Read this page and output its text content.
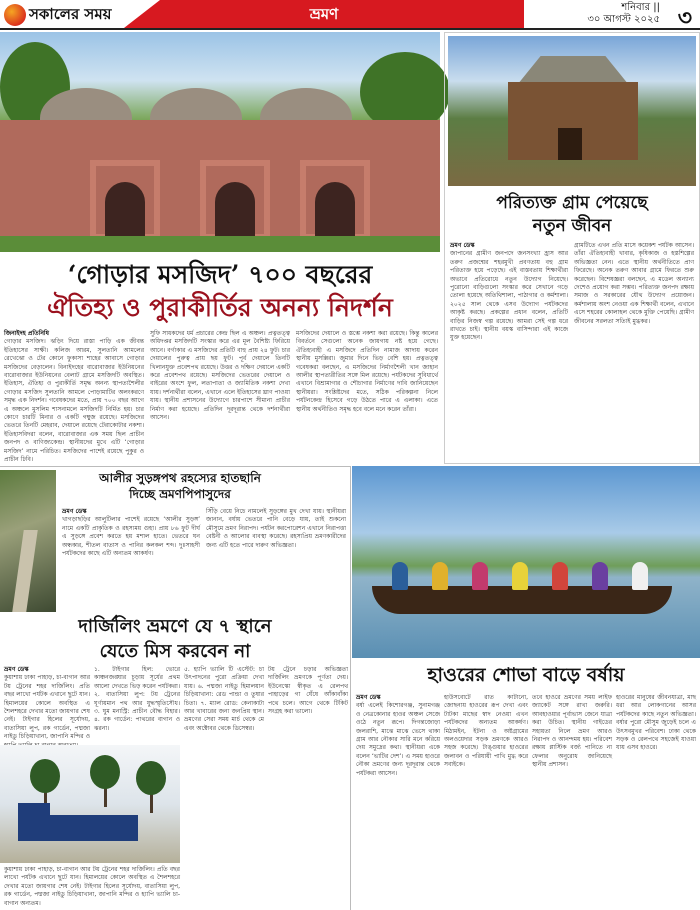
সকালের সময়	ভ্রমণ	শনিবার ||
৩০ আগস্ট ২০২৫ ৩
‘গোড়ার মসজিদ’ ৭০০ বছরের
ঐতিহ্য ও পুরাকীর্তির অনন্য নিদর্শন
জিনাইদহ প্রতিনিধি
গোড়ার মসজিদ। ঝড়িং দিয়ে রাস্তা পাড়ি এক জীবন্ত ইতিহাসের সাক্ষী। কলিজ আরম, সুলতানি আমলের রেখেঝো ও টের কোনে ফুকাসা শাহের আবাসে গোড়ার মসজিদের বেড়ালেন। বিনাইদহের বারোবাজার ইউনিয়নের বারোবাজার ইউনিয়নের বেলাট গ্রামে মসজিদটি অবস্থিত। ইতিহাস, ঐতিহ্য ও পুরাকীর্তি সমৃদ্ধ অনন্য স্থাপত্যশৈলীর গোড়ার মসজিদ সুলতানি আমলে পোড়ামাটির অলংকরণে সমৃদ্ধ এক নিদর্শন। গবেষকদের মতে, প্রায় ৭০০ বছর আগে এ অঞ্চলে মুসলিম শাসনামলে মসজিদটি নির্মিত হয়। চার কোণে চারটি মিনার ও একটি গম্বুজ রয়েছে। মসজিদের ভেতরে তিনটি মেহরাব, দেয়ালে রয়েছে টেরাকোটার নকশা। ইতিহাসবিদরা বলেন, বারোবাজার এক সময় ছিল প্রাচীন জনপদ ও বাণিজ্যকেন্দ্র। স্থানীয়দের মুখে এটি ‘গোড়ার মসজিদ’ নামে পরিচিত। মসজিদের পাশেই রয়েছে পুকুর ও প্রাচীন ঢিবি।
সুফি সাধকদের ধর্ম প্রচারের কেন্দ্র ছিল এ অঞ্চল। প্রত্নতত্ত্ব অধিদপ্তর মসজিদটি সংস্কার করে এর মূল বৈশিষ্ট্য ফিরিয়ে আনে। বর্গাকার এ মসজিদের প্রতিটি বাহু প্রায় ২৪ ফুট। চার দেয়ালের পুরুত্ব প্রায় ছয় ফুট। পূর্ব দেয়ালে তিনটি খিলানযুক্ত প্রবেশপথ রয়েছে। উত্তর ও দক্ষিণ দেয়ালে একটি করে প্রবেশপথ রয়েছে। মসজিদের ভেতরের দেয়ালে ও বাইরের অংশে ফুল, লতাপাতা ও জ্যামিতিক নকশা দেখা যায়। দর্শনার্থীরা বলেন, এখানে এলে ইতিহাসের ঘ্রাণ পাওয়া যায়। স্থানীয় প্রশাসনের উদ্যোগে চারপাশে সীমানা প্রাচীর নির্মাণ করা হয়েছে। প্রতিদিন দূরদূরান্ত থেকে দর্শনার্থীরা আসেন।
মসজিদের দেয়ালে ও স্তম্ভে নকশা করা রয়েছে। কিন্তু কালের বিবর্তনে সেগুলো অনেক জায়গায় নষ্ট হয়ে গেছে। ঐতিহ্যবাহী এ মসজিদে প্রতিদিন নামাজ আদায় করেন স্থানীয় মুসল্লিরা। জুমার দিনে ভিড় বেশি হয়। প্রত্নতত্ত্ব গবেষকরা বলছেন, এ মসজিদের নির্মাণশৈলী খান জাহান আলীর স্থাপত্যরীতির সঙ্গে মিল রয়েছে। পর্যটকদের সুবিধার্থে এখানে বিশ্রামাগার ও শৌচাগার নির্মাণের দাবি জানিয়েছেন স্থানীয়রা। সংশ্লিষ্টদের মতে, সঠিক পরিকল্পনা নিলে পর্যটনকেন্দ্র হিসেবে গড়ে উঠতে পারে এ এলাকা। এতে স্থানীয় অর্থনীতিও সমৃদ্ধ হবে বলে মনে করেন তাঁরা।
পরিত্যক্ত গ্রাম পেয়েছে
নতুন জীবন
ভ্রমণ ডেস্ক
জাপানের গ্রামীণ জনপদে জনসংখ্যা হ্রাস আর তরুণ প্রজন্মের শহরমুখী প্রবণতায় বহু গ্রাম পরিত্যক্ত হয়ে পড়েছে। এই বাস্তবতায় শিক্ষার্থীরা অভাবে প্রতিরোধে নতুন উদ্যোগ নিয়েছে। পুরোনো বাড়িগুলো সংস্কার করে সেখানে গড়ে তোলা হয়েছে অতিথিশালা, পাঠাগার ও কর্মশালা। ২০২৫ সাল থেকে এসব উদ্যোগ পর্যটকদের আকৃষ্ট করছে। প্রকল্পের প্রধান বলেন, প্রতিটি বাড়ির নিজস্ব গল্প রয়েছে। আমরা সেই গল্প ধরে রাখতে চাই। স্থানীয় বয়স্ক বাসিন্দারা এই কাজে যুক্ত হয়েছেন।
গ্রামটিতে এখন প্রতি মাসে কয়েকশ পর্যটক আসেন। তাঁরা ঐতিহ্যবাহী খাবার, কৃষিকাজ ও হস্তশিল্পের অভিজ্ঞতা নেন। এতে স্থানীয় অর্থনীতিতে প্রাণ ফিরেছে। অনেক তরুণ আবার গ্রামে ফিরতে শুরু করেছেন। বিশেষজ্ঞরা বলছেন, এ মডেল অন্যান্য দেশেও প্রয়োগ করা সম্ভব। পরিত্যক্ত জনপদ রক্ষায় সমাজ ও সরকারের যৌথ উদ্যোগ প্রয়োজন। কর্মশালায় অংশ নেওয়া এক শিক্ষার্থী বলেন, এখানে এসে শহরের কোলাহল থেকে মুক্তি পেয়েছি। গ্রামীণ জীবনের সরলতা সত্যিই মুগ্ধকর।
আলীর সুড়ঙ্গপথ রহস্যের হাতছানি
দিচ্ছে ভ্রমণপিপাসুদের
ভ্রমণ ডেস্ক
খাগড়াছড়ির আলুটিলার পাশেই রয়েছে ‘আলীর সুড়ঙ্গ’ নামে একটি প্রাকৃতিক ও রহস্যময় গুহা। প্রায় ৮৬ ফুট দীর্ঘ এ সুড়ঙ্গে প্রবেশ করতে হয় মশাল হাতে। ভেতরে ঘন অন্ধকার, শীতল বাতাস ও পানির কলকল শব্দ। দুঃসাহসী পর্যটকদের কাছে এটি অন্যতম আকর্ষণ।
সিঁড়ি বেয়ে নিচে নামলেই সুড়ঙ্গের মুখ দেখা যায়। স্থানীয়রা জানান, বর্ষায় ভেতরে পানি বেড়ে যায়, তাই শুকনো মৌসুমে ভ্রমণ নিরাপদ। পর্যটন করপোরেশন এখানে নিরাপত্তা বেষ্টনী ও আলোর ব্যবস্থা করেছে। রহস্যপ্রিয় ভ্রমণকারীদের জন্য এটি হতে পারে দারুণ অভিজ্ঞতা।
দার্জিলিং ভ্রমণে যে ৭ স্থানে
যেতে মিস করবেন না
ভ্রমণ ডেস্ক
কুয়াশায় ঢাকা পাহাড়, চা-বাগান আর টয় ট্রেনের শহর দার্জিলিং। প্রতি বছর লাখো পর্যটক এখানে ছুটে যান। হিমালয়ের কোলে অবস্থিত এ শৈলশহরে দেখার মতো জায়গার শেষ নেই। টাইগার হিলের সূর্যোদয়, বাতাসিয়া লুপ, রক গার্ডেন, পদ্মজা নাইডু চিড়িয়াখানা, জাপানি মন্দির ও
১. টাইগার হিল: ভোরে কাঞ্চনজঙ্ঘার চূড়ায় সূর্যের প্রথম আলো দেখতে ভিড় করেন পর্যটকরা। ২. বাতাসিয়া লুপ: টয় ট্রেনের ঘূর্ণায়মান পথ আর যুদ্ধস্মৃতিসৌধ। ৩. ঘুম মনাস্ট্রি: প্রাচীন বৌদ্ধ বিহার। ৪. রক গার্ডেন: পাথরের বাগান ও ঝরনা।
৫. হ্যাপি ভ্যালি টি এস্টেট: চা উৎপাদনের পুরো প্রক্রিয়া দেখা যায়। ৬. পদ্মজা নাইডু হিমালয়ান চিড়িয়াখানা: রেড পান্ডা ও তুষার চিতা। ৭. ম্যাল রোড: কেনাকাটা আর খাবারের জন্য জনপ্রিয় স্থান। ভ্রমণের সেরা সময় মার্চ থেকে মে এবং অক্টোবর থেকে ডিসেম্বর।
টয় ট্রেনে চড়ার অভিজ্ঞতা দার্জিলিং ভ্রমণকে পূর্ণতা দেয়। ইউনেস্কো স্বীকৃত এ রেলপথ পাহাড়ের গা ঘেঁষে আঁকাবাঁকা পথে চলে। আগে থেকে টিকিট সংগ্রহ করা ভালো।
কুয়াশায় ঢাকা পাহাড়, চা-বাগান আর টয় ট্রেনের শহর দার্জিলিং। প্রতি বছর লাখো পর্যটক এখানে ছুটে যান। হিমালয়ের কোলে অবস্থিত এ শৈলশহরে দেখার মতো জায়গার শেষ নেই। টাইগার হিলের সূর্যোদয়, বাতাসিয়া লুপ, রক গার্ডেন, পদ্মজা নাইডু চিড়িয়াখানা, জাপানি মন্দির ও হ্যাপি ভ্যালি চা-বাগান অন্যতম।
হাওরের শোভা বাড়ে বর্ষায়
ভ্রমণ ডেস্ক
বর্ষা এলেই কিশোরগঞ্জ, সুনামগঞ্জ ও নেত্রকোনার হাওর অঞ্চল সেজে ওঠে নতুন রূপে। দিগন্তজোড়া জলরাশি, মাঝে মাঝে ভেসে থাকা গ্রাম আর নৌকার সারি মনে করিয়ে দেয় সমুদ্রের কথা। স্থানীয়রা একে বলেন ‘ভাটির দেশ’। এ সময় হাওরে নৌকা ভ্রমণের জন্য দূরদূরান্ত থেকে পর্যটকরা আসেন।
হাউসবোটে রাত কাটানো, জোছনায় হাওরের রূপ দেখা এবং টাটকা মাছের স্বাদ নেওয়া এখন পর্যটকদের অন্যতম আকর্ষণ। মিঠামইন, ইটনা ও অষ্টগ্রামের অলওয়েদার সড়ক ভ্রমণকে আরও সহজ করেছে। টাঙ্গুয়ার হাওরের জলাবন ও পরিযায়ী পাখি মুগ্ধ করে সবাইকে।
তবে হাওরে ভ্রমণের সময় লাইফ জ্যাকেট সঙ্গে রাখা জরুরি। আবহাওয়ার পূর্বাভাস জেনে যাত্রা করা উচিত। স্থানীয় গাইডের সহায়তা নিলে ভ্রমণ আরও নিরাপদ ও আনন্দময় হয়। পরিবেশ রক্ষায় প্লাস্টিক বর্জ্য পানিতে না ফেলার অনুরোধ জানিয়েছে স্থানীয় প্রশাসন।
হাওরের মানুষের জীবনযাত্রা, মাছ ধরা আর লোকগানের আসর পর্যটকদের কাছে নতুন অভিজ্ঞতা। বর্ষার পুরো মৌসুম জুড়েই চলে এ উৎসবমুখর পরিবেশ। ঢাকা থেকে সড়ক ও রেলপথে সহজেই যাওয়া যায় এসব হাওরে।
